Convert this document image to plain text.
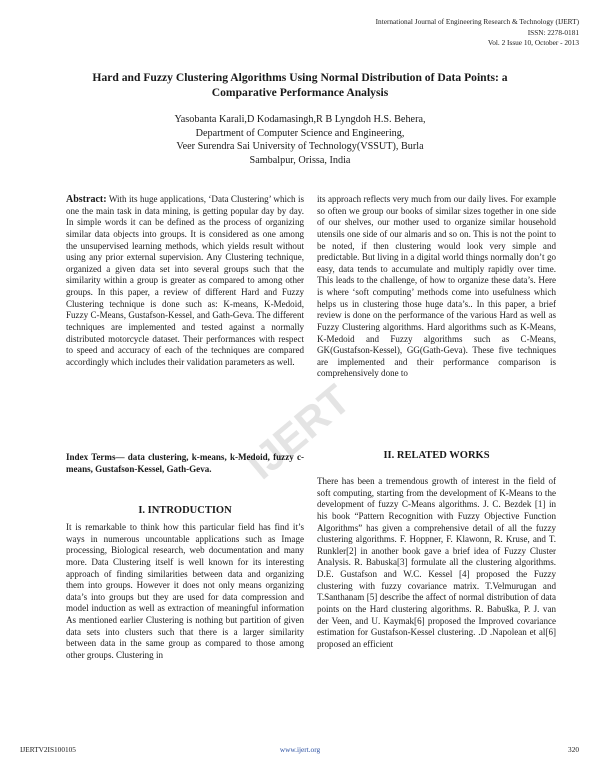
International Journal of Engineering Research & Technology (IJERT)
ISSN: 2278-0181
Vol. 2 Issue 10, October - 2013
IJERT
Hard and Fuzzy Clustering Algorithms Using Normal Distribution of Data Points: a
Comparative Performance Analysis
Yasobanta Karali,D Kodamasingh,R B Lyngdoh H.S. Behera,
Department of Computer Science and Engineering,
Veer Surendra Sai University of Technology(VSSUT), Burla
Sambalpur, Orissa, India

Abstract: With its huge applications, ‘Data Clustering’ which is one the main task in data mining, is getting popular day by day. In simple words it can be defined as the process of organizing similar data objects into groups. It is considered as one among the unsupervised learning methods, which yields result without using any prior external supervision. Any Clustering technique, organized a given data set into several groups such that the similarity within a group is greater as compared to among other groups. In this paper, a review of different Hard and Fuzzy Clustering technique is done such as: K-means, K-Medoid, Fuzzy C-Means, Gustafson-Kessel, and Gath-Geva. The different techniques are implemented and tested against a normally distributed motorcycle dataset. Their performances with respect to speed and accuracy of each of the techniques are compared accordingly which includes their validation parameters as well.

Index Terms— data clustering, k-means, k-Medoid, fuzzy c-means, Gustafson-Kessel, Gath-Geva.

I. INTRODUCTION

It is remarkable to think how this particular field has find it’s ways in numerous uncountable applications such as Image processing, Biological research, web documentation and many more. Data Clustering itself is well known for its interesting approach of finding similarities between data and organizing them into groups. However it does not only means organizing data’s into groups but they are used for data compression and model induction as well as extraction of meaningful information As mentioned earlier Clustering is nothing but partition of given data sets into clusters such that there is a larger similarity between data in the same group as compared to those among other groups. Clustering in

its approach reflects very much from our daily lives. For example so often we group our books of similar sizes together in one side of our shelves, our mother used to organize similar household utensils one side of our almaris and so on. This is not the point to be noted, if then clustering would look very simple and predictable. But living in a digital world things normally don’t go easy, data tends to accumulate and multiply rapidly over time. This leads to the challenge, of how to organize these data’s. Here is where ‘soft computing’ methods come into usefulness which helps us in clustering those huge data’s.. In this paper, a brief review is done on the performance of the various Hard as well as Fuzzy Clustering algorithms. Hard algorithms such as K-Means, K-Medoid and Fuzzy algorithms such as C-Means, GK(Gustafson-Kessel), GG(Gath-Geva). These five techniques are implemented and their performance comparison is comprehensively done to

II. RELATED WORKS

There has been a tremendous growth of interest in the field of soft computing, starting from the development of K-Means to the development of fuzzy C-Means algorithms. J. C. Bezdek [1] in his book “Pattern Recognition with Fuzzy Objective Function Algorithms” has given a comprehensive detail of all the fuzzy clustering algorithms. F. Hoppner, F. Klawonn, R. Kruse, and T. Runkler[2] in another book gave a brief idea of Fuzzy Cluster Analysis. R. Babuska[3] formulate all the clustering algorithms. D.E. Gustafson and W.C. Kessel [4] proposed the Fuzzy clustering with fuzzy covariance matrix. T.Velmurugan and T.Santhanam [5] describe the affect of normal distribution of data points on the Hard clustering algorithms. R. Babuška, P. J. van der Veen, and U. Kaymak[6] proposed the Improved covariance estimation for Gustafson-Kessel clustering. .D .Napolean et al[6] proposed an efficient

IJERTV2IS100105	www.ijert.org	320
